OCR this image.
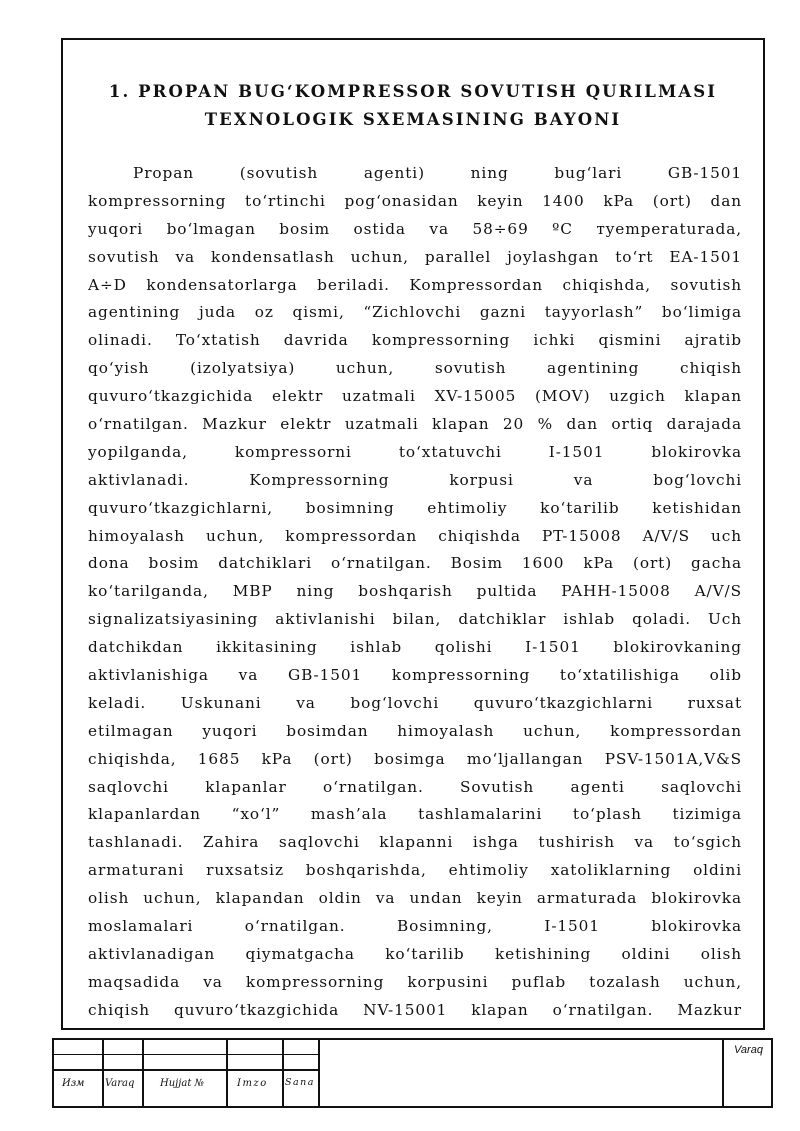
1. PROPAN BUG‘KOMPRESSOR SOVUTISH QURILMASI
TEXNOLOGIK SXEMASINING BAYONI
Propan (sovutish agenti) ning bug‘lari GB-1501
kompressorning to‘rtinchi pog‘onasidan keyin 1400 kPa (ort) dan
yuqori bo‘lmagan bosim ostida va 58÷69 ºC тyemperaturada,
sovutish va kondensatlash uchun, parallel joylashgan to‘rt EA-1501
A÷D kondensatorlarga beriladi. Kompressordan chiqishda, sovutish
agentining juda oz qismi, “Zichlovchi gazni tayyorlash” bo‘limiga
olinadi. To‘xtatish davrida kompressorning ichki qismini ajratib
qo‘yish (izolyatsiya) uchun, sovutish agentining chiqish
quvuro‘tkazgichida elektr uzatmali XV-15005 (MOV) uzgich klapan
o‘rnatilgan. Mazkur elektr uzatmali klapan 20 % dan ortiq darajada
yopilganda, kompressorni to‘xtatuvchi I-1501 blokirovka
aktivlanadi. Kompressorning korpusi va bog‘lovchi
quvuro‘tkazgichlarni, bosimning ehtimoliy ko‘tarilib ketishidan
himoyalash uchun, kompressordan chiqishda PT-15008 A/V/S uch
dona bosim datchiklari o‘rnatilgan. Bosim 1600 kPa (ort) gacha
ko‘tarilganda, MBP ning boshqarish pultida PAHH-15008 A/V/S
signalizatsiyasining aktivlanishi bilan, datchiklar ishlab qoladi. Uch
datchikdan ikkitasining ishlab qolishi I-1501 blokirovkaning
aktivlanishiga va GB-1501 kompressorning to‘xtatilishiga olib
keladi. Uskunani va bog‘lovchi quvuro‘tkazgichlarni ruxsat
etilmagan yuqori bosimdan himoyalash uchun, kompressordan
chiqishda, 1685 kPa (ort) bosimga mo‘ljallangan PSV-1501A,V&S
saqlovchi klapanlar o‘rnatilgan. Sovutish agenti saqlovchi
klapanlardan “xo‘l” mash’ala tashlamalarini to‘plash tizimiga
tashlanadi. Zahira saqlovchi klapanni ishga tushirish va to‘sgich
armaturani ruxsatsiz boshqarishda, ehtimoliy xatoliklarning oldini
olish uchun, klapandan oldin va undan keyin armaturada blokirovka
moslamalari o‘rnatilgan. Bosimning, I-1501 blokirovka
aktivlanadigan qiymatgacha ko‘tarilib ketishining oldini olish
maqsadida va kompressorning korpusini puflab tozalash uchun,
chiqish quvuro‘tkazgichida NV-15001 klapan o‘rnatilgan. Mazkur
Изм Varaq	Hujjat №	Imzo Sana
Varaq
